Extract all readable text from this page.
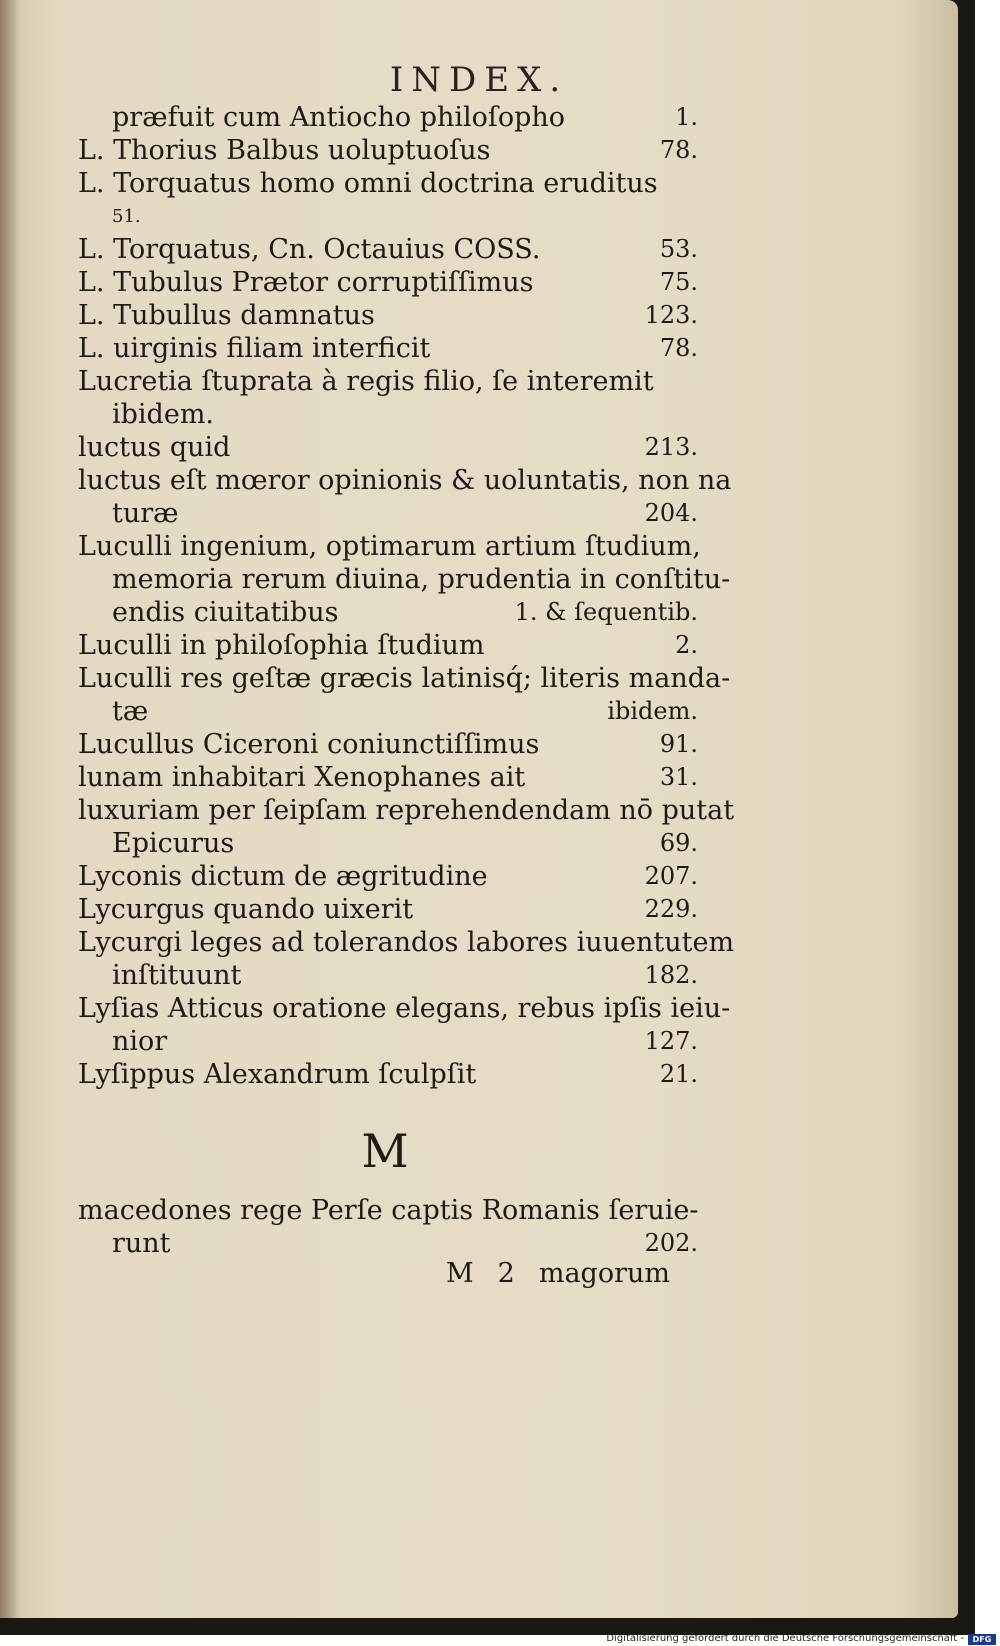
INDEX.
præfuit cum Antiocho philoſopho	1.
L. Thorius Balbus uoluptuoſus	78.
L. Torquatus homo omni doctrina eruditus
51.
L. Torquatus, Cn. Octauius COSS.	53.
L. Tubulus Prætor corruptiſſimus	75.
L. Tubullus damnatus	123.
L. uirginis filiam interficit	78.
Lucretia ſtuprata à regis filio, ſe interemit
ibidem.
luctus quid	213.
luctus eſt mœror opinionis & uoluntatis, non na
turæ	204.
Luculli ingenium, optimarum artium ſtudium,
memoria rerum diuina, prudentia in conſtitu-
endis ciuitatibus	1. & ſequentib.
Luculli in philoſophia ſtudium	2.
Luculli res geſtæ græcis latinisq́; literis manda-
tæ	ibidem.
Lucullus Ciceroni coniunctiſſimus	91.
lunam inhabitari Xenophanes ait	31.
luxuriam per ſeipſam reprehendendam nō putat
Epicurus	69.
Lyconis dictum de ægritudine	207.
Lycurgus quando uixerit	229.
Lycurgi leges ad tolerandos labores iuuentutem
inſtituunt	182.
Lyſias Atticus oratione elegans, rebus ipſis ieiu-
nior	127.
Lyſippus Alexandrum ſculpſit	21.
M
macedones rege Perſe captis Romanis ſeruie-
runt	202.
M 2 magorum
Digitalisierung gefördert durch die Deutsche Forschungsgemeinschaft -	DFG
